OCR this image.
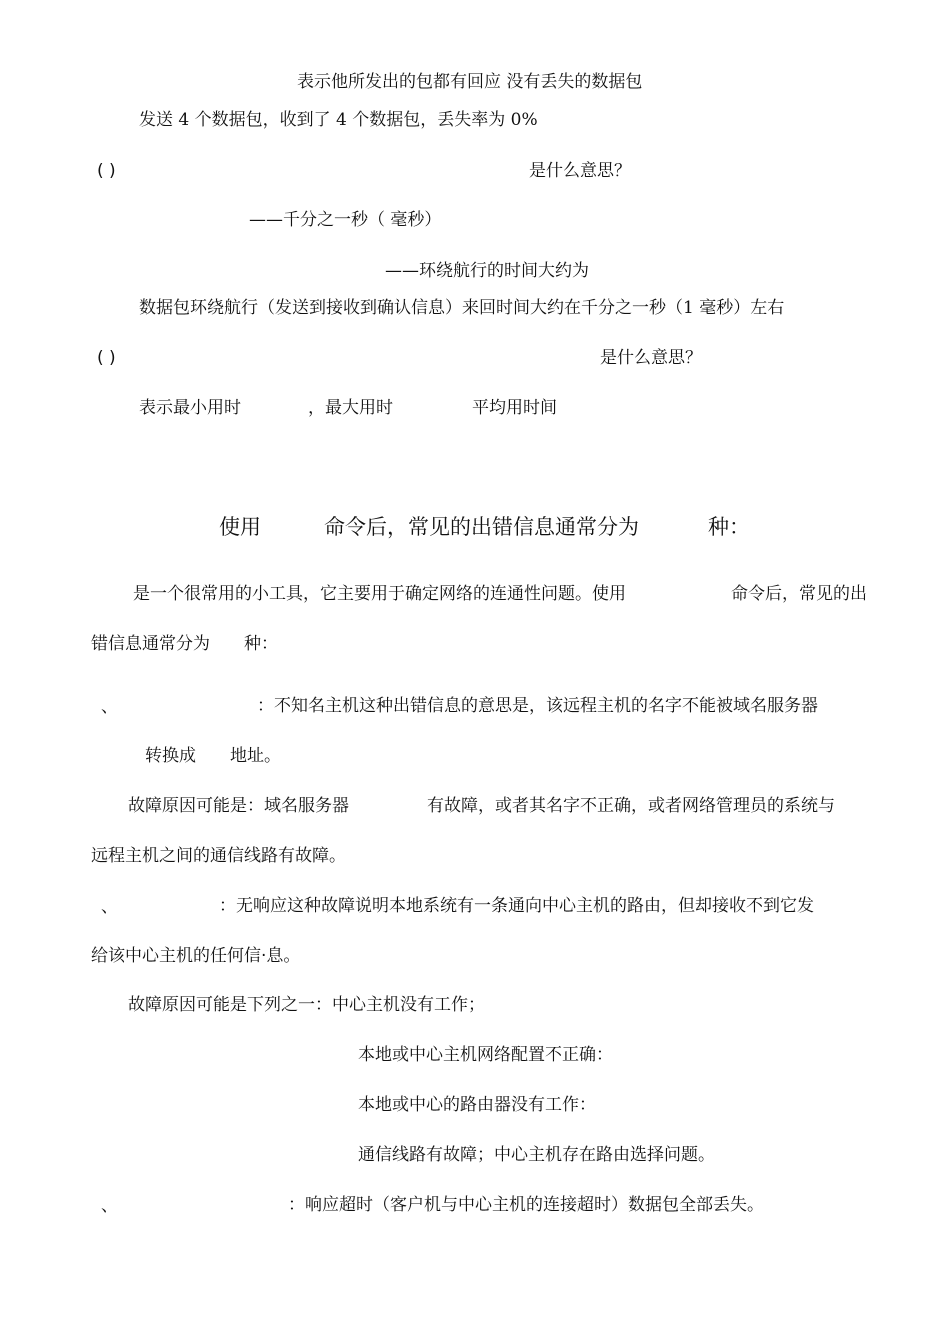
表示他所发出的包都有回应 没有丢失的数据包
发送 4 个数据包，收到了 4 个数据包，丢失率为 0%
( )	是什么意思？
——千分之一秒（ 毫秒）
——环绕航行的时间大约为
数据包环绕航行（发送到接收到确认信息）来回时间大约在千分之一秒（1 毫秒）左右
( )	是什么意思？
表示最小用时	，最大用时	平均用时间
使用	命令后，常见的出错信息通常分为	种：
是一个很常用的小工具，它主要用于确定网络的连通性问题。使用	命令后，常见的出
错信息通常分为 种：
、	：不知名主机这种出错信息的意思是，该远程主机的名字不能被域名服务器
转换成 地址。
故障原因可能是：域名服务器	有故障，或者其名字不正确，或者网络管理员的系统与
远程主机之间的通信线路有故障。
、	：无响应这种故障说明本地系统有一条通向中心主机的路由，但却接收不到它发
给该中心主机的任何信·息。
故障原因可能是下列之一：中心主机没有工作；
本地或中心主机网络配置不正确：
本地或中心的路由器没有工作：
通信线路有故障；中心主机存在路由选择问题。
、	：响应超时（客户机与中心主机的连接超时）数据包全部丢失。
